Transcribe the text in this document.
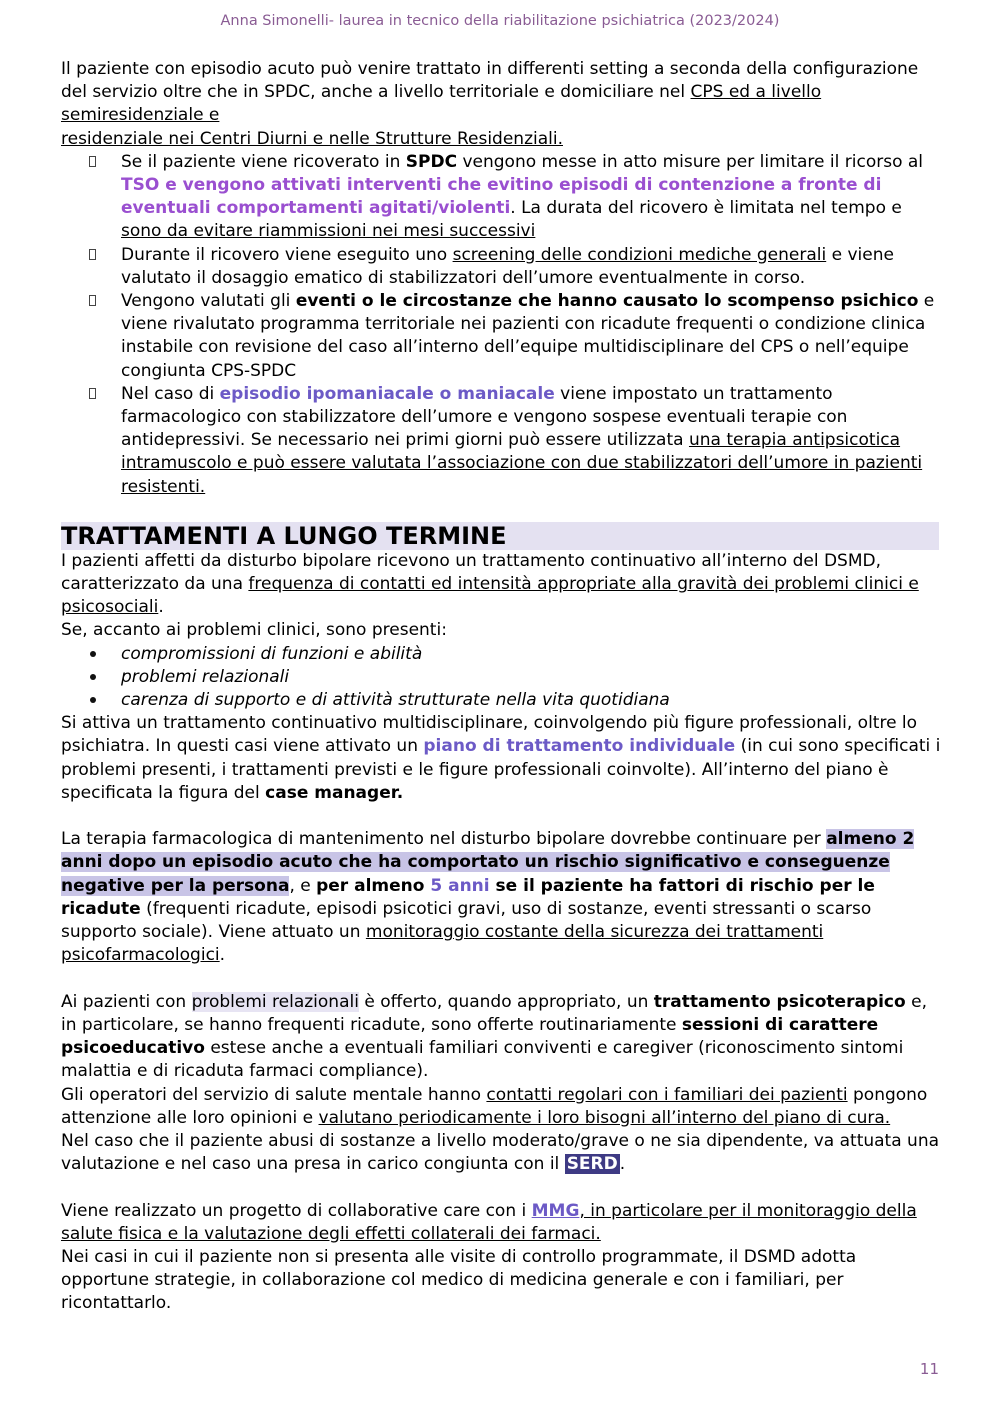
Anna Simonelli- laurea in tecnico della riabilitazione psichiatrica (2023/2024)

Il paziente con episodio acuto può venire trattato in differenti setting a seconda della configurazione del servizio oltre che in SPDC, anche a livello territoriale e domiciliare nel CPS ed a livello semiresidenziale e
residenziale nei Centri Diurni e nelle Strutture Residenziali.

Se il paziente viene ricoverato in SPDC vengono messe in atto misure per limitare il ricorso al TSO e vengono attivati interventi che evitino episodi di contenzione a fronte di eventuali comportamenti agitati/violenti. La durata del ricovero è limitata nel tempo e sono da evitare riammissioni nei mesi successivi
Durante il ricovero viene eseguito uno screening delle condizioni mediche generali e viene valutato il dosaggio ematico di stabilizzatori dell’umore eventualmente in corso.
Vengono valutati gli eventi o le circostanze che hanno causato lo scompenso psichico e viene rivalutato programma territoriale nei pazienti con ricadute frequenti o condizione clinica instabile con revisione del caso all’interno dell’equipe multidisciplinare del CPS o nell’equipe congiunta CPS-SPDC
Nel caso di episodio ipomaniacale o maniacale viene impostato un trattamento farmacologico con stabilizzatore dell’umore e vengono sospese eventuali terapie con antidepressivi. Se necessario nei primi giorni può essere utilizzata una terapia antipsicotica intramuscolo e può essere valutata l’associazione con due stabilizzatori dell’umore in pazienti resistenti.
TRATTAMENTI A LUNGO TERMINE

I pazienti affetti da disturbo bipolare ricevono un trattamento continuativo all’interno del DSMD, caratterizzato da una frequenza di contatti ed intensità appropriate alla gravità dei problemi clinici e psicosociali.

Se, accanto ai problemi clinici, sono presenti:

compromissioni di funzioni e abilità
problemi relazionali
carenza di supporto e di attività strutturate nella vita quotidiana

Si attiva un trattamento continuativo multidisciplinare, coinvolgendo più figure professionali, oltre lo psichiatra. In questi casi viene attivato un piano di trattamento individuale (in cui sono specificati i problemi presenti, i trattamenti previsti e le figure professionali coinvolte). All’interno del piano è specificata la figura del case manager.

La terapia farmacologica di mantenimento nel disturbo bipolare dovrebbe continuare per almeno 2 anni dopo un episodio acuto che ha comportato un rischio significativo e conseguenze negative per la persona, e per almeno 5 anni se il paziente ha fattori di rischio per le ricadute (frequenti ricadute, episodi psicotici gravi, uso di sostanze, eventi stressanti o scarso supporto sociale). Viene attuato un monitoraggio costante della sicurezza dei trattamenti psicofarmacologici.

Ai pazienti con problemi relazionali è offerto, quando appropriato, un trattamento psicoterapico e, in particolare, se hanno frequenti ricadute, sono offerte routinariamente sessioni di carattere psicoeducativo estese anche a eventuali familiari conviventi e caregiver (riconoscimento sintomi malattia e di ricaduta farmaci compliance).

Gli operatori del servizio di salute mentale hanno contatti regolari con i familiari dei pazienti pongono attenzione alle loro opinioni e valutano periodicamente i loro bisogni all’interno del piano di cura.

Nel caso che il paziente abusi di sostanze a livello moderato/grave o ne sia dipendente, va attuata una valutazione e nel caso una presa in carico congiunta con il SERD .

Viene realizzato un progetto di collaborative care con i MMG, in particolare per il monitoraggio della salute fisica e la valutazione degli effetti collaterali dei farmaci.

Nei casi in cui il paziente non si presenta alle visite di controllo programmate, il DSMD adotta opportune strategie, in collaborazione col medico di medicina generale e con i familiari, per ricontattarlo.

11
